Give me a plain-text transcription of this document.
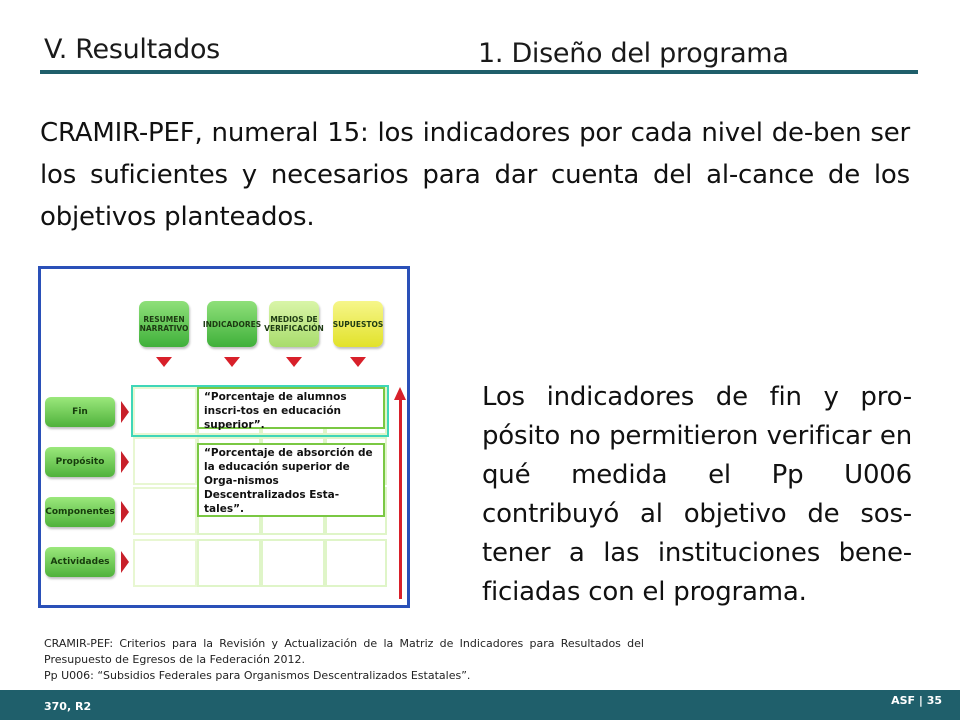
V. Resultados	1. Diseño del programa
CRAMIR-PEF, numeral 15: los indicadores por cada nivel de-ben ser los suficientes y necesarios para dar cuenta del al-cance de los objetivos planteados.
RESUMEN NARRATIVO INDICADORES MEDIOS DE VERIFICACIÓN SUPUESTOS
Fin
Propósito
Componentes
Actividades
“Porcentaje de alumnos inscri-tos en educación superior”.
“Porcentaje de absorción de la educación superior de Orga-nismos Descentralizados Esta-tales”.
Los indicadores de fin y pro-pósito no permitieron verificar en qué medida el Pp U006 contribuyó al objetivo de sos-tener a las instituciones bene-ficiadas con el programa.
CRAMIR-PEF: Criterios para la Revisión y Actualización de la Matriz de Indicadores para Resultados del Presupuesto de Egresos de la Federación 2012.
Pp U006: “Subsidios Federales para Organismos Descentralizados Estatales”.
370, R2	ASF | 35
